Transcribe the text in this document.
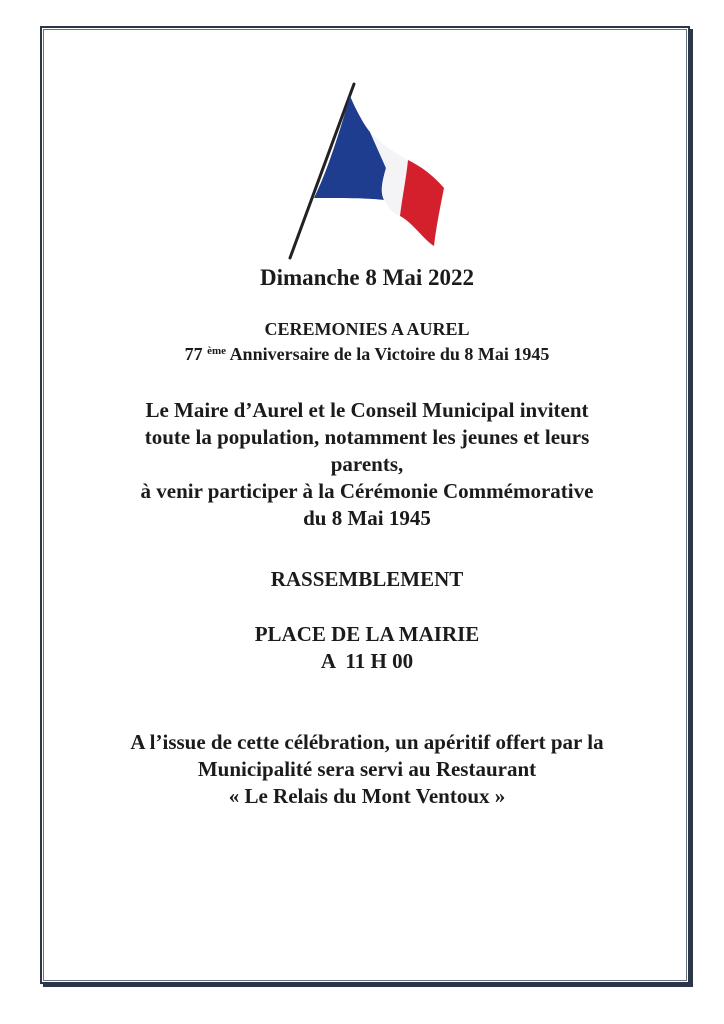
Dimanche 8 Mai 2022

CEREMONIES A AUREL

77 $^{ème}$ Anniversaire de la Victoire du 8 Mai 1945

Le Maire d’Aurel et le Conseil Municipal invitent
toute la population, notamment les jeunes et leurs
parents,
à venir participer à la Cérémonie Commémorative
du 8 Mai 1945

RASSEMBLEMENT

PLACE DE LA MAIRIE
A  11 H 00
A l’issue de cette célébration, un apéritif offert par la
Municipalité sera servi au Restaurant
« Le Relais du Mont Ventoux »
